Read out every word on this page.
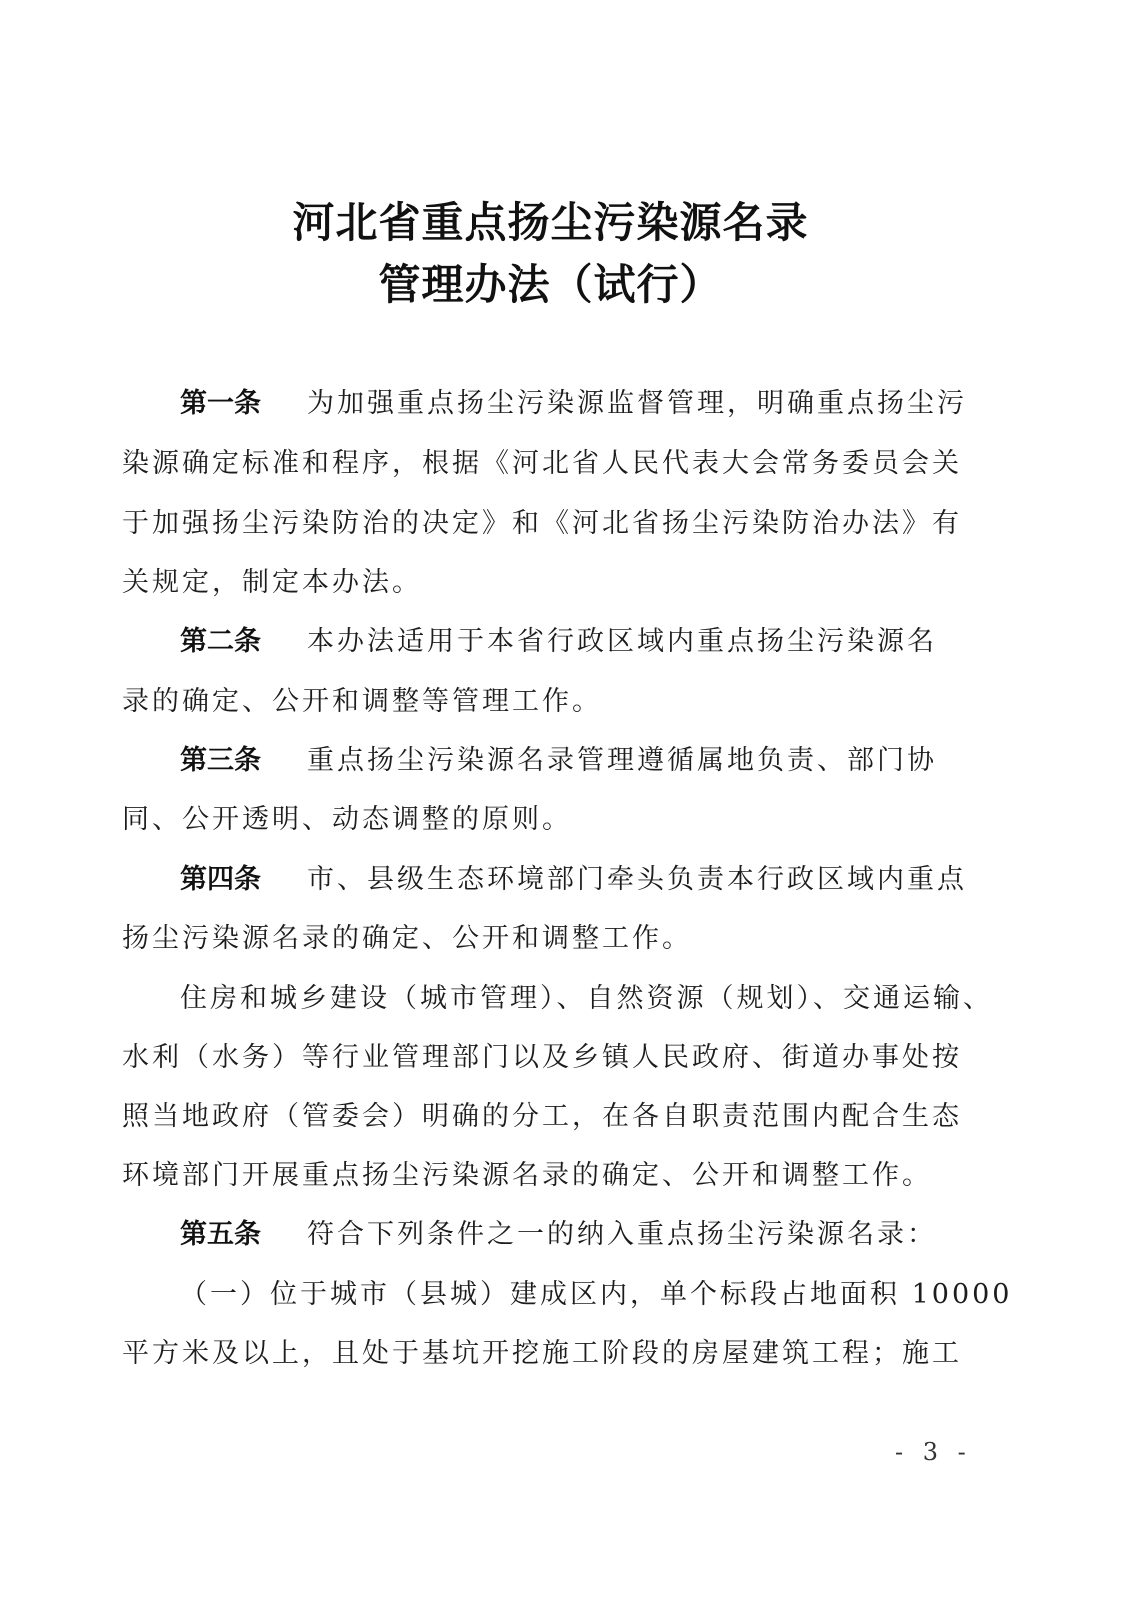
河北省重点扬尘污染源名录
管理办法（试行）
第一条 为加强重点扬尘污染源监督管理，明确重点扬尘污
染源确定标准和程序，根据《河北省人民代表大会常务委员会关
于加强扬尘污染防治的决定》和《河北省扬尘污染防治办法》有
关规定，制定本办法。
第二条 本办法适用于本省行政区域内重点扬尘污染源名
录的确定、公开和调整等管理工作。
第三条 重点扬尘污染源名录管理遵循属地负责、部门协
同、公开透明、动态调整的原则。
第四条 市、县级生态环境部门牵头负责本行政区域内重点
扬尘污染源名录的确定、公开和调整工作。
住房和城乡建设（城市管理）、自然资源（规划）、交通运输、
水利（水务）等行业管理部门以及乡镇人民政府、街道办事处按
照当地政府（管委会）明确的分工，在各自职责范围内配合生态
环境部门开展重点扬尘污染源名录的确定、公开和调整工作。
第五条 符合下列条件之一的纳入重点扬尘污染源名录：
（一）位于城市（县城）建成区内，单个标段占地面积 10000
平方米及以上，且处于基坑开挖施工阶段的房屋建筑工程；施工
- 3 -
